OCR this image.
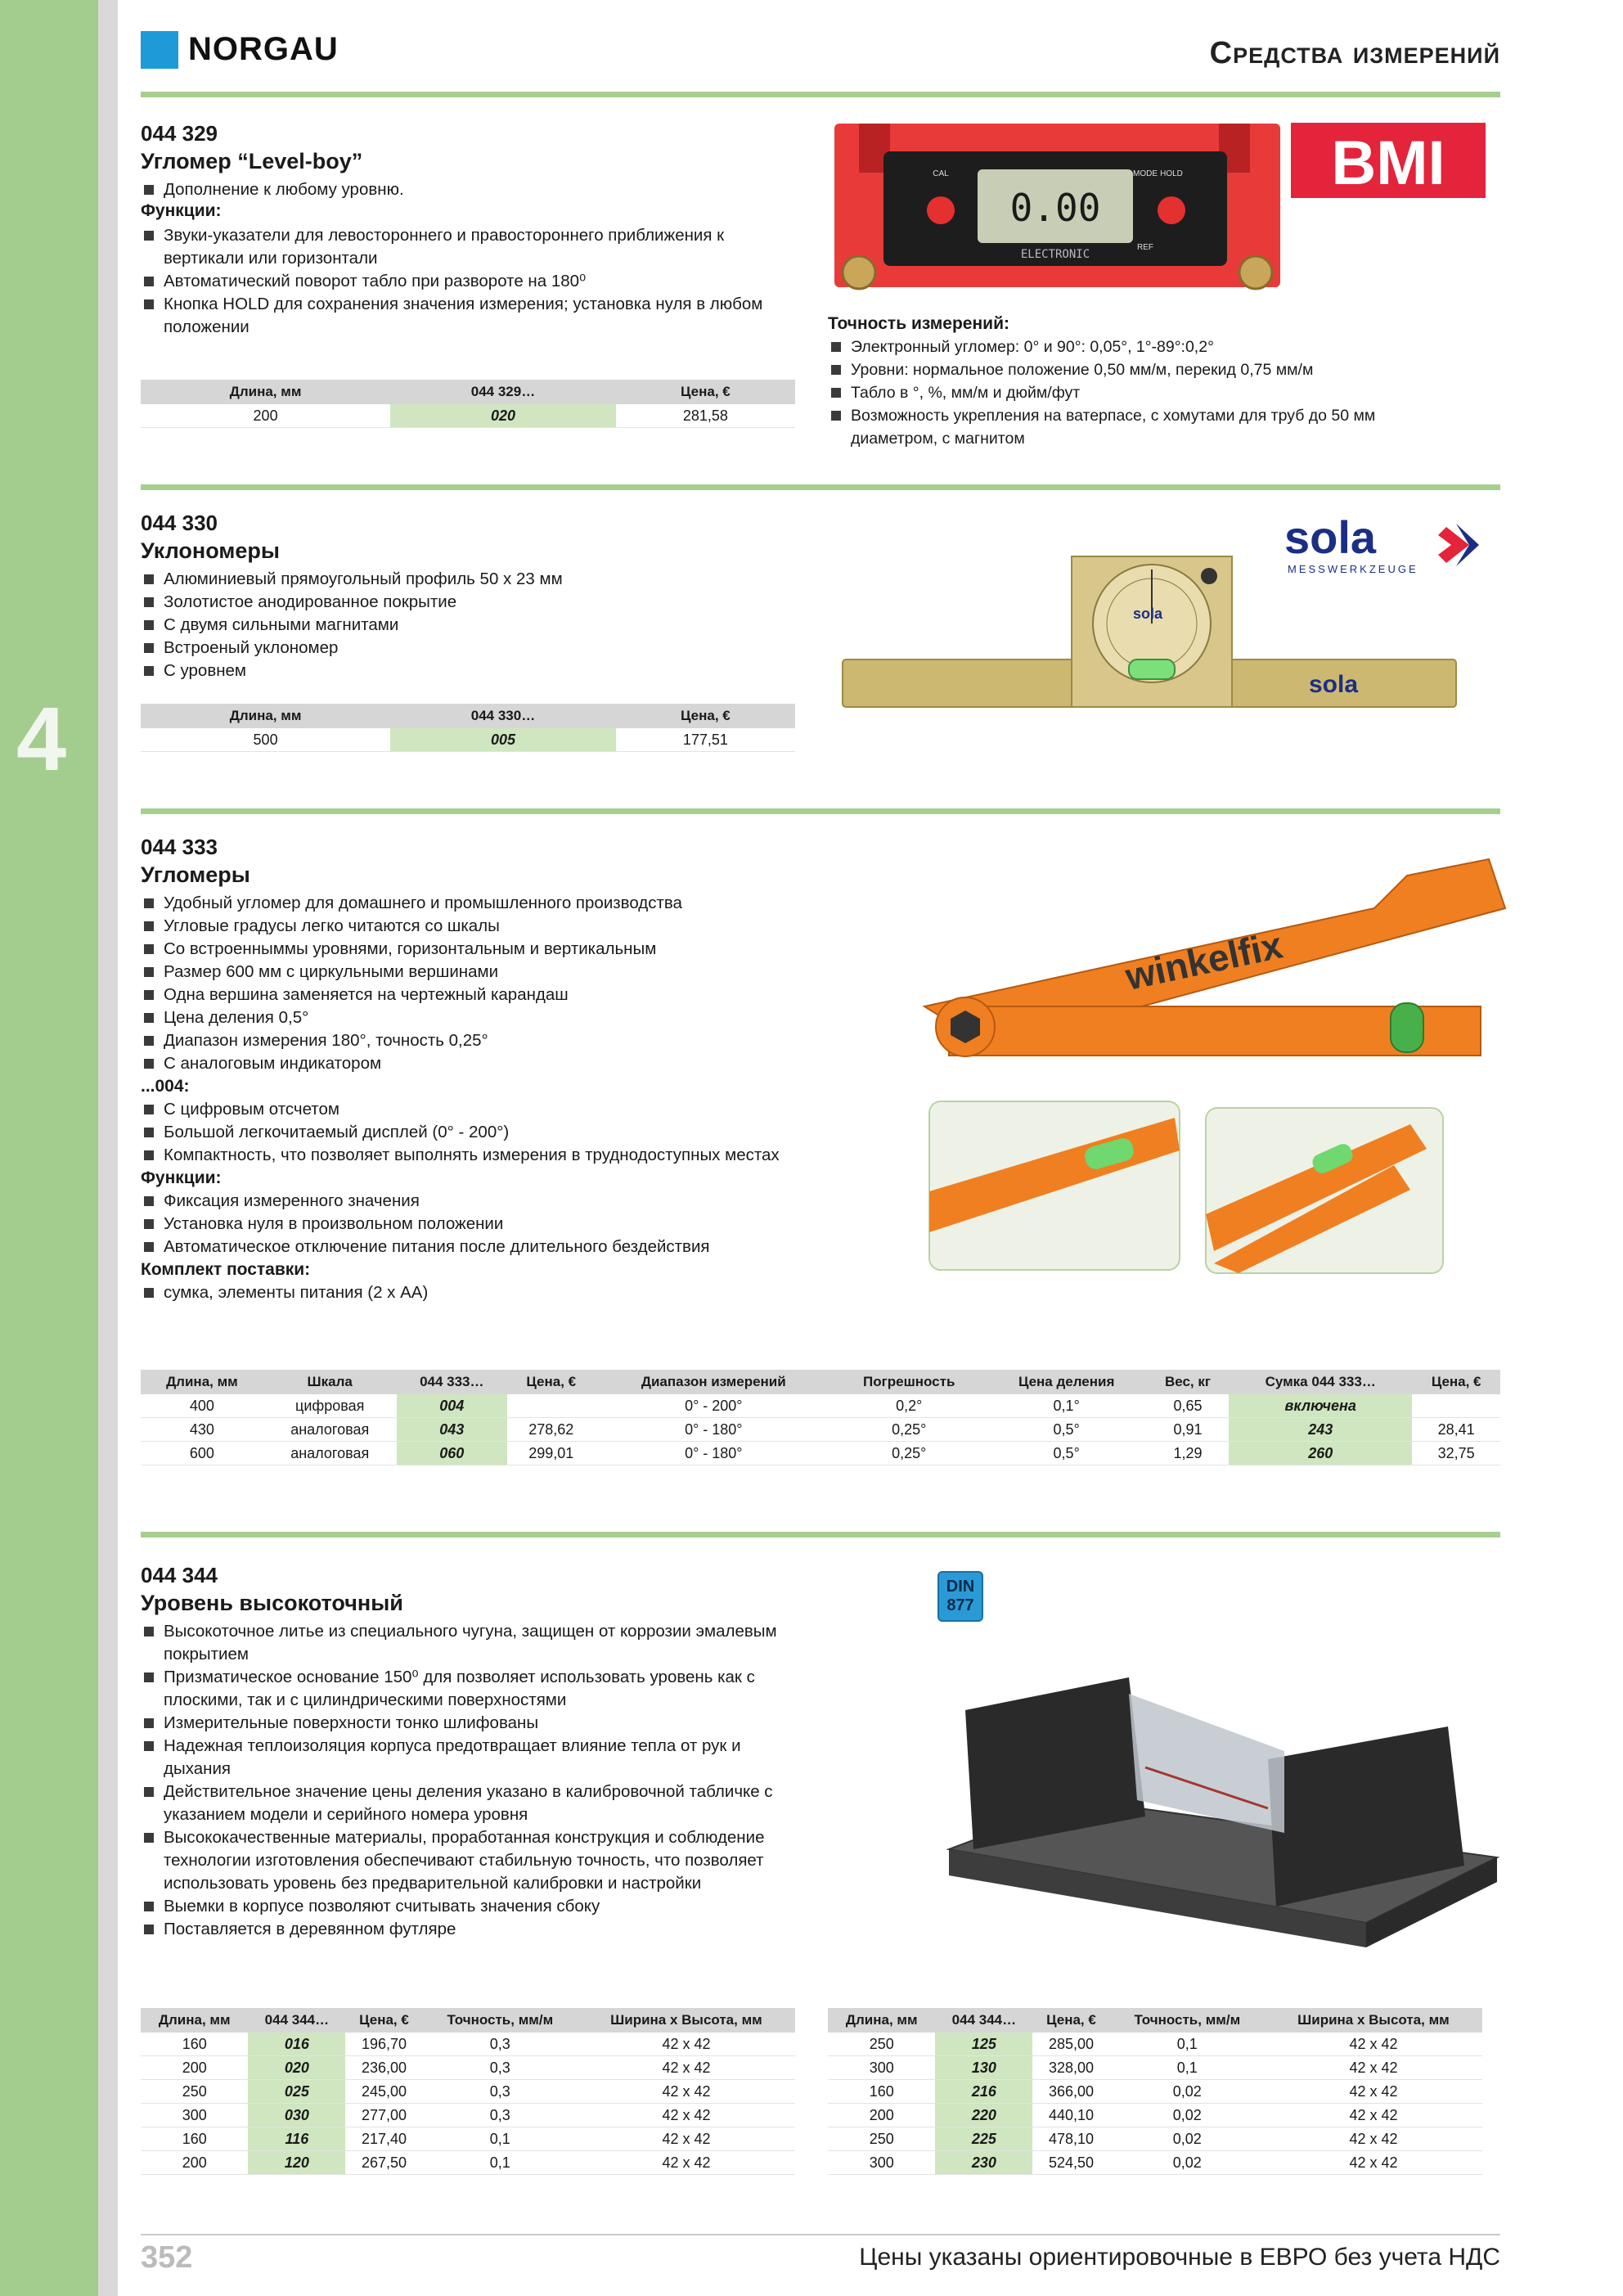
4
NORGAU	Средства измерений
044 329
Угломер “Level-boy”
Дополнение к любому уровню.
Функции:
Звуки-указатели для левостороннего и правостороннего приближения к вертикали или горизонтали
Автоматический поворот табло при развороте на 180⁰
Кнопка HOLD для сохранения значения измерения; установка нуля в любом положении
0.00
ELECTRONIC
CAL	HOLD
MODE
REF
BMI
Точность измерений:
Электронный угломер: 0° и 90°: 0,05°, 1°-89°:0,2°
Уровни: нормальное положение 0,50 мм/м, перекид 0,75 мм/м
Табло в °, %, мм/м и дюйм/фут
Возможность укрепления на ватерпасе, с хомутами для труб до 50 мм диаметром, с магнитом
Длина, мм	044 329…	Цена, €
200	020	281,58
044 330
Уклономеры
Алюминиевый прямоугольный профиль 50 х 23 мм
Золотистое анодированное покрытие
С двумя сильными магнитами
Встроеный уклономер
С уровнем
sola
MESSWERKZEUGE
sola
sola
Длина, мм	044 330…	Цена, €
500	005	177,51
044 333
Угломеры
Удобный угломер для домашнего и промышленного производства
Угловые градусы легко читаются со шкалы
Со встроенныммы уровнями, горизонтальным и вертикальным
Размер 600 мм с циркульными вершинами
Одна вершина заменяется на чертежный карандаш
Цена деления 0,5°
Диапазон измерения 180°, точность 0,25°
С аналоговым индикатором
...004:
С цифровым отсчетом
Большой легкочитаемый дисплей (0° - 200°)
Компактность, что позволяет выполнять измерения в труднодоступных местах
Функции:
Фиксация измеренного значения
Установка нуля в произвольном положении
Автоматическое отключение питания после длительного бездействия
Комплект поставки:
сумка, элементы питания (2 х АА)
winkelfix
Длина, мм	Шкала	044 333…	Цена, €	Диапазон измерений	Погрешность	Цена деления	Вес, кг	Сумка 044 333…	Цена, €
400	цифровая	004		0° - 200°	0,2°	0,1°	0,65	включена	
430	аналоговая	043	278,62	0° - 180°	0,25°	0,5°	0,91	243	28,41
600	аналоговая	060	299,01	0° - 180°	0,25°	0,5°	1,29	260	32,75
044 344
Уровень высокоточный
Высокоточное литье из специального чугуна, защищен от коррозии эмалевым покрытием
Призматическое основание 150⁰ для позволяет использовать уровень как с плоскими, так и с цилиндрическими поверхностями
Измерительные поверхности тонко шлифованы
Надежная теплоизоляция корпуса предотвращает влияние тепла от рук и дыхания
Действительное значение цены деления указано в калибровочной табличке с указанием модели и серийного номера уровня
Высококачественные материалы, проработанная конструкция и соблюдение технологии изготовления обеспечивают стабильную точность, что позволяет использовать уровень без предварительной калибровки и настройки
Выемки в корпусе позволяют считывать значения сбоку
Поставляется в деревянном футляре
DIN 877
Длина, мм	044 344…	Цена, €	Точность, мм/м	Ширина х Высота, мм
160	016	196,70	0,3	42 x 42
200	020	236,00	0,3	42 x 42
250	025	245,00	0,3	42 x 42
300	030	277,00	0,3	42 x 42
160	116	217,40	0,1	42 x 42
200	120	267,50	0,1	42 x 42
Длина, мм	044 344…	Цена, €	Точность, мм/м	Ширина х Высота, мм
250	125	285,00	0,1	42 x 42
300	130	328,00	0,1	42 x 42
160	216	366,00	0,02	42 x 42
200	220	440,10	0,02	42 x 42
250	225	478,10	0,02	42 x 42
300	230	524,50	0,02	42 x 42
352	Цены указаны ориентировочные в ЕВРО без учета НДС
